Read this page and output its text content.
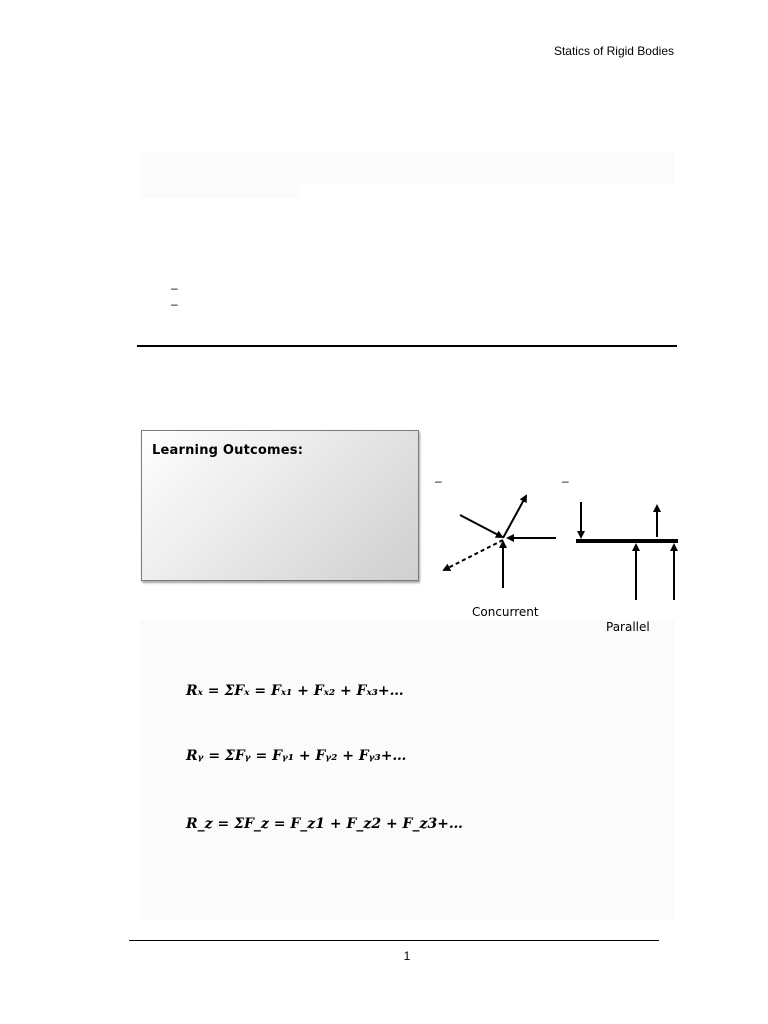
Statics of Rigid Bodies
–
–
Learning Outcomes:
–	–
Concurrent
Parallel
Rₓ = ΣFₓ = Fₓ₁ + Fₓ₂ + Fₓ₃+…
Rᵧ = ΣFᵧ = Fᵧ₁ + Fᵧ₂ + Fᵧ₃+…
R_z = ΣF_z = F_z1 + F_z2 + F_z3+…
1
